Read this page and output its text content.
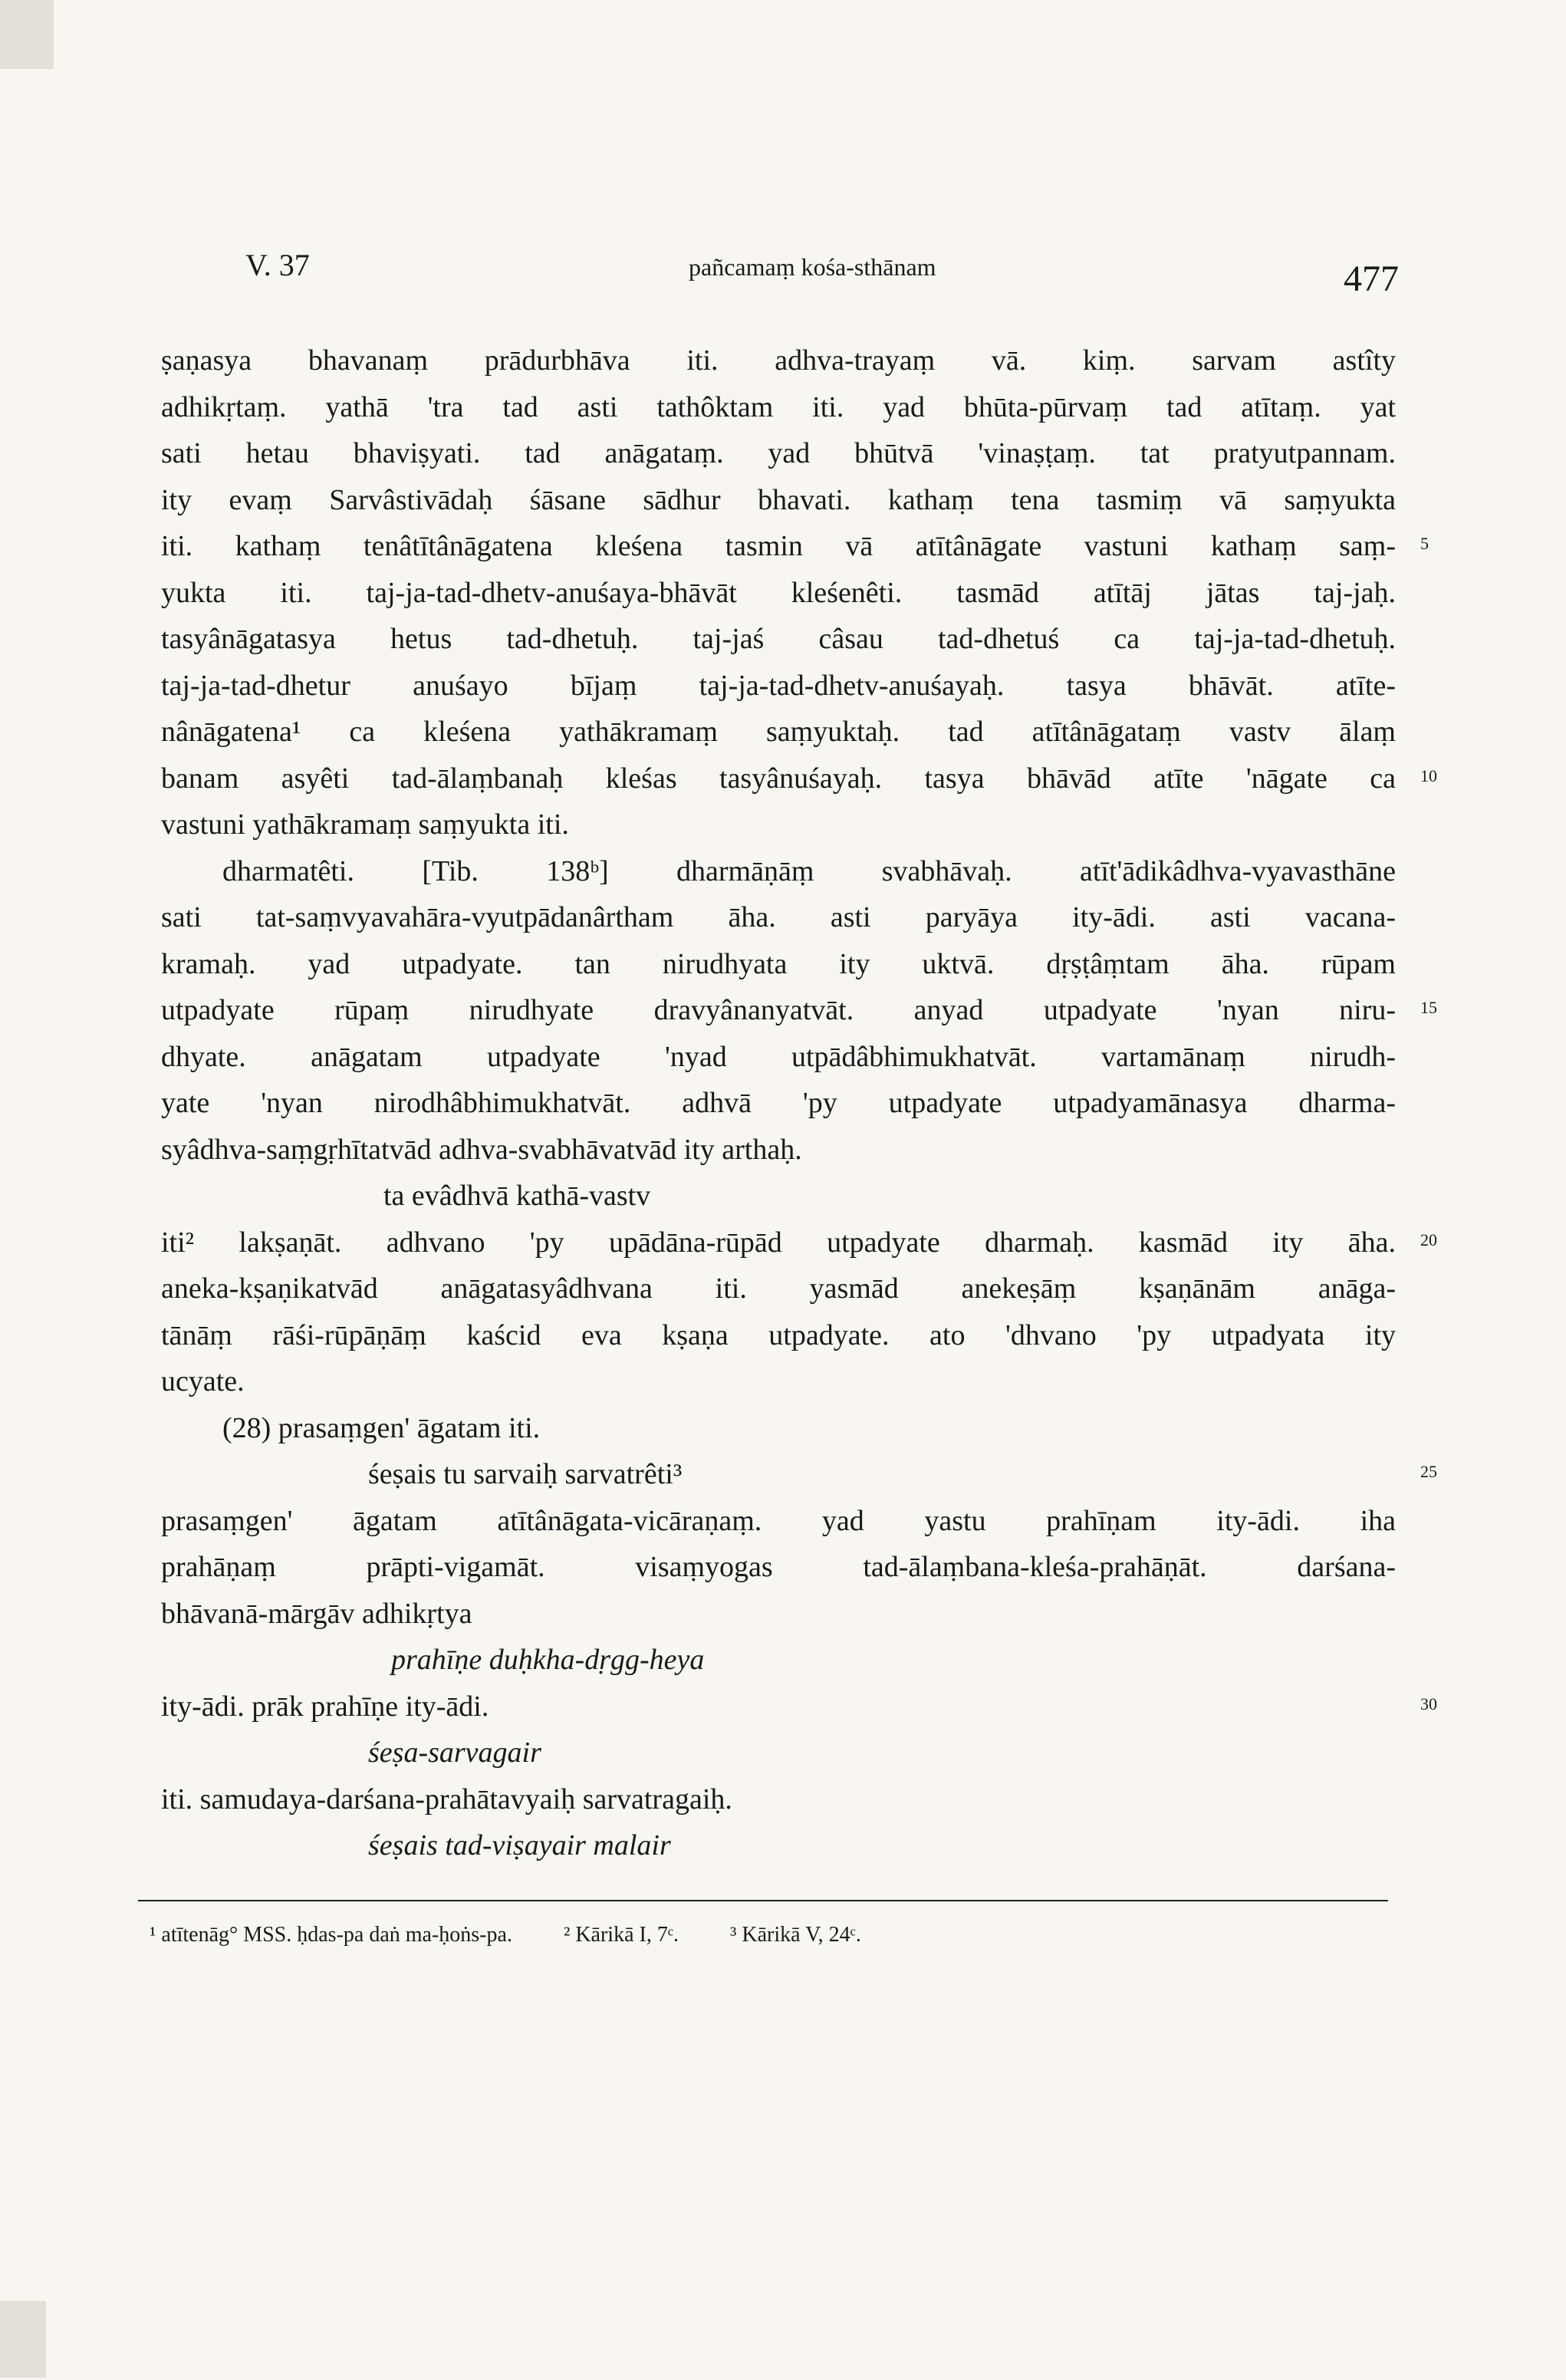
V. 37	pañcamaṃ kośa-sthānam	477
ṣaṇasya bhavanaṃ prādurbhāva iti. adhva-trayaṃ vā. kiṃ. sarvam astîty
adhikṛtaṃ. yathā 'tra tad asti tathôktam iti. yad bhūta-pūrvaṃ tad atītaṃ. yat
sati hetau bhaviṣyati. tad anāgataṃ. yad bhūtvā 'vinaṣṭaṃ. tat pratyutpannam.
ity evaṃ Sarvâstivādaḥ śāsane sādhur bhavati. kathaṃ tena tasmiṃ vā saṃyukta
iti. kathaṃ tenâtītânāgatena kleśena tasmin vā atītânāgate vastuni kathaṃ saṃ-
yukta iti. taj-ja-tad-dhetv-anuśaya-bhāvāt kleśenêti. tasmād atītāj jātas taj-jaḥ.
tasyânāgatasya hetus tad-dhetuḥ. taj-jaś câsau tad-dhetuś ca taj-ja-tad-dhetuḥ.
taj-ja-tad-dhetur anuśayo bījaṃ taj-ja-tad-dhetv-anuśayaḥ. tasya bhāvāt. atīte-
nânāgatena¹ ca kleśena yathākramaṃ saṃyuktaḥ. tad atītânāgataṃ vastv ālaṃ
banam asyêti tad-ālaṃbanaḥ kleśas tasyânuśayaḥ. tasya bhāvād atīte 'nāgate ca
vastuni yathākramaṃ saṃyukta iti.
dharmatêti. [Tib. 138ᵇ] dharmāṇāṃ svabhāvaḥ. atīt'ādikâdhva-vyavasthāne
sati tat-saṃvyavahāra-vyutpādanârtham āha. asti paryāya ity-ādi. asti vacana-
kramaḥ. yad utpadyate. tan nirudhyata ity uktvā. dṛṣṭâṃtam āha. rūpam
utpadyate rūpaṃ nirudhyate dravyânanyatvāt. anyad utpadyate 'nyan niru-
dhyate. anāgatam utpadyate 'nyad utpādâbhimukhatvāt. vartamānaṃ nirudh-
yate 'nyan nirodhâbhimukhatvāt. adhvā 'py utpadyate utpadyamānasya dharma-
syâdhva-saṃgṛhītatvād adhva-svabhāvatvād ity arthaḥ.
ta evâdhvā kathā-vastv
iti² lakṣaṇāt. adhvano 'py upādāna-rūpād utpadyate dharmaḥ. kasmād ity āha.
aneka-kṣaṇikatvād anāgatasyâdhvana iti. yasmād anekeṣāṃ kṣaṇānām anāga-
tānāṃ rāśi-rūpāṇāṃ kaścid eva kṣaṇa utpadyate. ato 'dhvano 'py utpadyata ity
ucyate.
(28) prasaṃgen' āgatam iti.
śeṣais tu sarvaiḥ sarvatrêti³
prasaṃgen' āgatam atītânāgata-vicāraṇaṃ. yad yastu prahīṇam ity-ādi. iha
prahāṇaṃ prāpti-vigamāt. visaṃyogas tad-ālaṃbana-kleśa-prahāṇāt. darśana-
bhāvanā-mārgāv adhikṛtya
prahīṇe duḥkha-dṛgg-heya
ity-ādi. prāk prahīṇe ity-ādi.
śeṣa-sarvagair
iti. samudaya-darśana-prahātavyaiḥ sarvatragaiḥ.
śeṣais tad-viṣayair malair
5
10
15
20
25
30
¹ atītenāg° MSS. ḥdas-pa daṅ ma-ḥoṅs-pa. ² Kārikā I, 7ᶜ. ³ Kārikā V, 24ᶜ.
